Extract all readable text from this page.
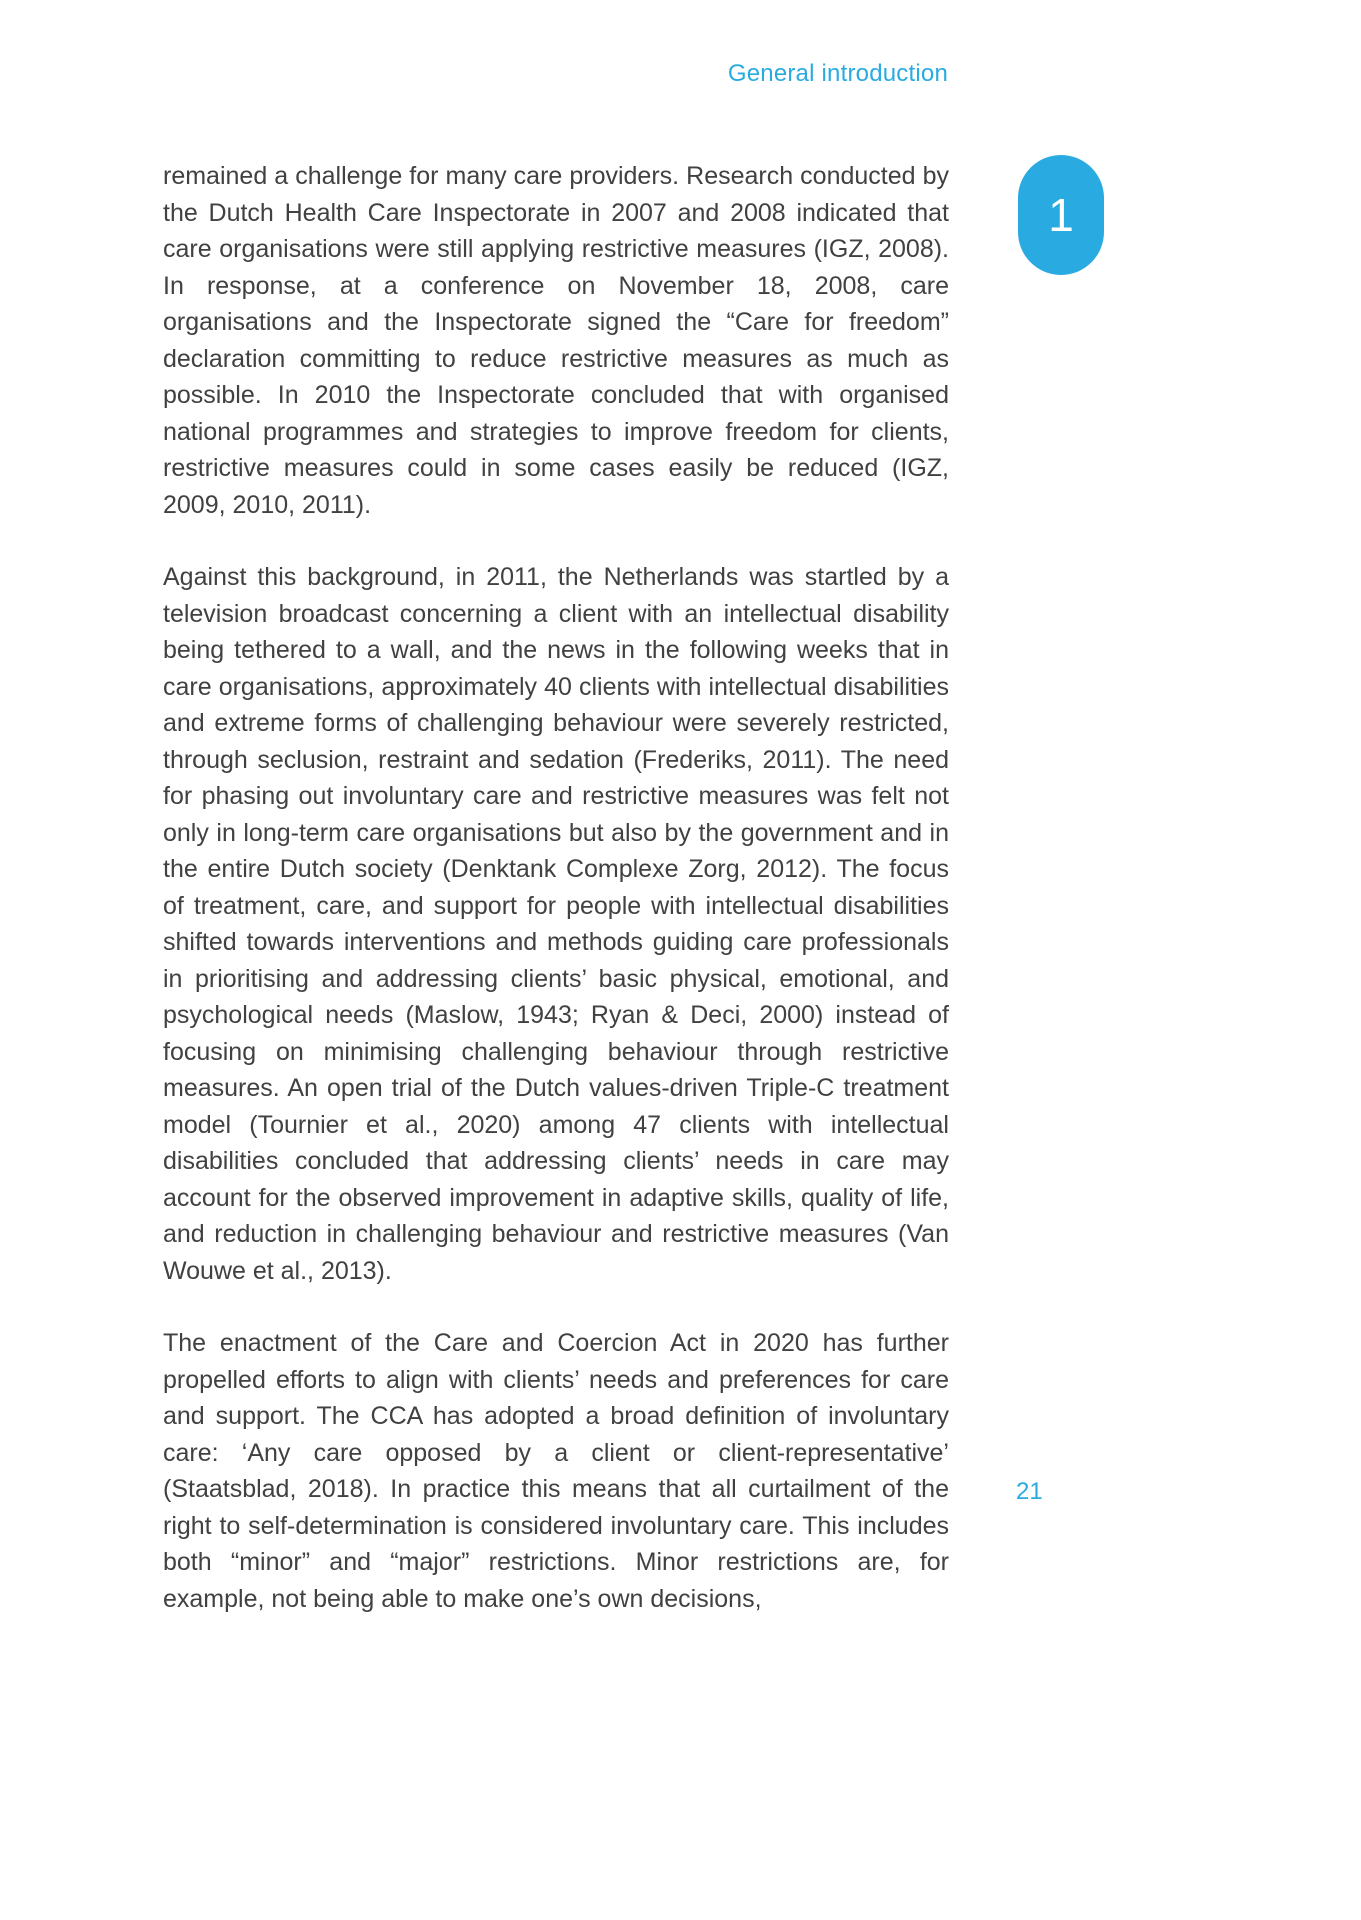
General introduction
1

remained a challenge for many care providers. Research conducted by the Dutch Health Care Inspectorate in 2007 and 2008 indicated that care organisations were still applying restrictive measures (IGZ, 2008). In response, at a conference on November 18, 2008, care organisations and the Inspectorate signed the “Care for freedom” declaration committing to reduce restrictive measures as much as possible. In 2010 the Inspectorate concluded that with organised national programmes and strategies to improve freedom for clients, restrictive measures could in some cases easily be reduced (IGZ, 2009, 2010, 2011).

Against this background, in 2011, the Netherlands was startled by a television broadcast concerning a client with an intellectual disability being tethered to a wall, and the news in the following weeks that in care organisations, approximately 40 clients with intellectual disabilities and extreme forms of challenging behaviour were severely restricted, through seclusion, restraint and sedation (Frederiks, 2011). The need for phasing out involuntary care and restrictive measures was felt not only in long-term care organisations but also by the government and in the entire Dutch society (Denktank Complexe Zorg, 2012). The focus of treatment, care, and support for people with intellectual disabilities shifted towards interventions and methods guiding care professionals in prioritising and addressing clients’ basic physical, emotional, and psychological needs (Maslow, 1943; Ryan & Deci, 2000) instead of focusing on minimising challenging behaviour through restrictive measures. An open trial of the Dutch values-driven Triple-C treatment model (Tournier et al., 2020) among 47 clients with intellectual disabilities concluded that addressing clients’ needs in care may account for the observed improvement in adaptive skills, quality of life, and reduction in challenging behaviour and restrictive measures (Van Wouwe et al., 2013).

The enactment of the Care and Coercion Act in 2020 has further propelled efforts to align with clients’ needs and preferences for care and support. The CCA has adopted a broad definition of involuntary care: ‘Any care opposed by a client or client-representative’ (Staatsblad, 2018). In practice this means that all curtailment of the right to self-determination is considered involuntary care. This includes both “minor” and “major” restrictions. Minor restrictions are, for example, not being able to make one’s own decisions,

21
